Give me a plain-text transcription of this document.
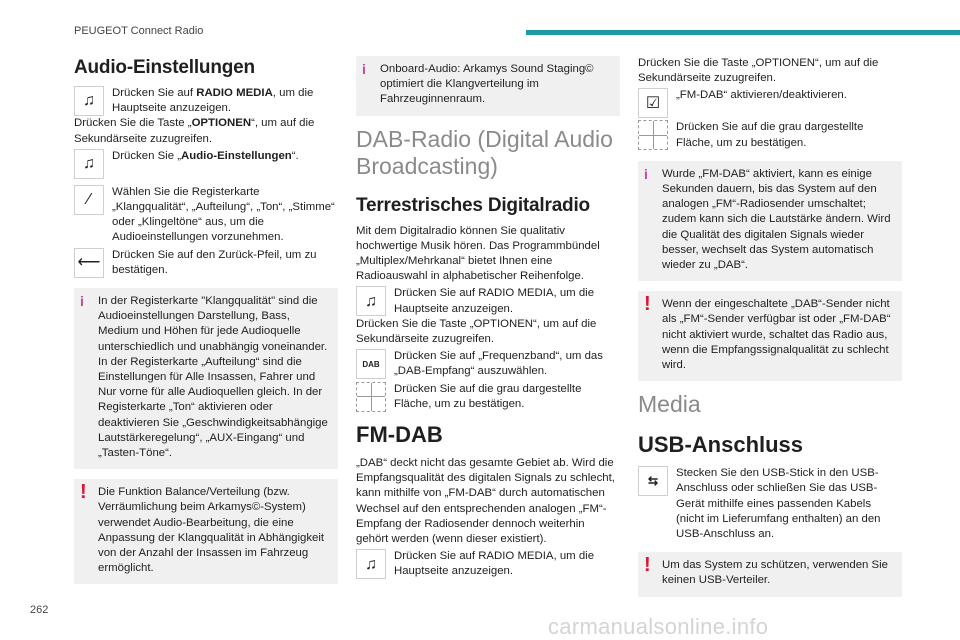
PEUGEOT Connect Radio
262
carmanualsonline.info
Audio-Einstellungen
♫	Drücken Sie auf RADIO MEDIA, um die Hauptseite anzuzeigen.

Drücken Sie die Taste „OPTIONEN“, um auf die Sekundärseite zuzugreifen.

♫	Drücken Sie „Audio-Einstellungen“.

⁄	Wählen Sie die Registerkarte „Klangqualität“, „Aufteilung“, „Ton“, „Stimme“ oder „Klingeltöne“ aus, um die Audioeinstellungen vorzunehmen.

⟵	Drücken Sie auf den Zurück-Pfeil, um zu bestätigen.

i	In der Registerkarte "Klangqualität" sind die Audioeinstellungen Darstellung, Bass, Medium und Höhen für jede Audioquelle unterschiedlich und unabhängig voneinander. In der Registerkarte „Aufteilung“ sind die Einstellungen für Alle Insassen, Fahrer und Nur vorne für alle Audioquellen gleich. In der Registerkarte „Ton“ aktivieren oder deaktivieren Sie „Geschwindigkeitsabhängige Lautstärkeregelung“, „AUX-Eingang“ und „Tasten-Töne“.

! Die Funktion Balance/Verteilung (bzw. Verräumlichung beim Arkamys©-System) verwendet Audio-Bearbeitung, die eine Anpassung der Klangqualität in Abhängigkeit von der Anzahl der Insassen im Fahrzeug ermöglicht.

i	Onboard-Audio: Arkamys Sound Staging© optimiert die Klangverteilung im Fahrzeuginnenraum.

DAB-Radio (Digital Audio Broadcasting)
Terrestrisches Digitalradio

Mit dem Digitalradio können Sie qualitativ hochwertige Musik hören. Das Programmbündel „Multiplex/Mehrkanal“ bietet Ihnen eine Radioauswahl in alphabetischer Reihenfolge.

♫	Drücken Sie auf RADIO MEDIA, um die Hauptseite anzuzeigen.

Drücken Sie die Taste „OPTIONEN“, um auf die Sekundärseite zuzugreifen.

DAB

Drücken Sie auf „Frequenzband“, um das „DAB-Empfang“ auszuwählen.

Drücken Sie auf die grau dargestellte Fläche, um zu bestätigen.

FM-DAB

„DAB“ deckt nicht das gesamte Gebiet ab. Wird die Empfangsqualität des digitalen Signals zu schlecht, kann mithilfe von „FM-DAB“ durch automatischen Wechsel auf den entsprechenden analogen „FM“-Empfang der Radiosender dennoch weiterhin gehört werden (wenn dieser existiert).

♫	Drücken Sie auf RADIO MEDIA, um die Hauptseite anzuzeigen.

Drücken Sie die Taste „OPTIONEN“, um auf die Sekundärseite zuzugreifen.

☑	„FM-DAB“ aktivieren/deaktivieren.

Drücken Sie auf die grau dargestellte Fläche, um zu bestätigen.

i	Wurde „FM-DAB“ aktiviert, kann es einige Sekunden dauern, bis das System auf den analogen „FM“-Radiosender umschaltet; zudem kann sich die Lautstärke ändern. Wird die Qualität des digitalen Signals wieder besser, wechselt das System automatisch wieder zu „DAB“.

! Wenn der eingeschaltete „DAB“-Sender nicht als „FM“-Sender verfügbar ist oder „FM-DAB“ nicht aktiviert wurde, schaltet das Radio aus, wenn die Empfangssignalqualität zu schlecht wird.

Media
USB-Anschluss
⇆

Stecken Sie den USB-Stick in den USB-Anschluss oder schließen Sie das USB-Gerät mithilfe eines passenden Kabels (nicht im Lieferumfang enthalten) an den USB-Anschluss an.

! Um das System zu schützen, verwenden Sie keinen USB-Verteiler.
